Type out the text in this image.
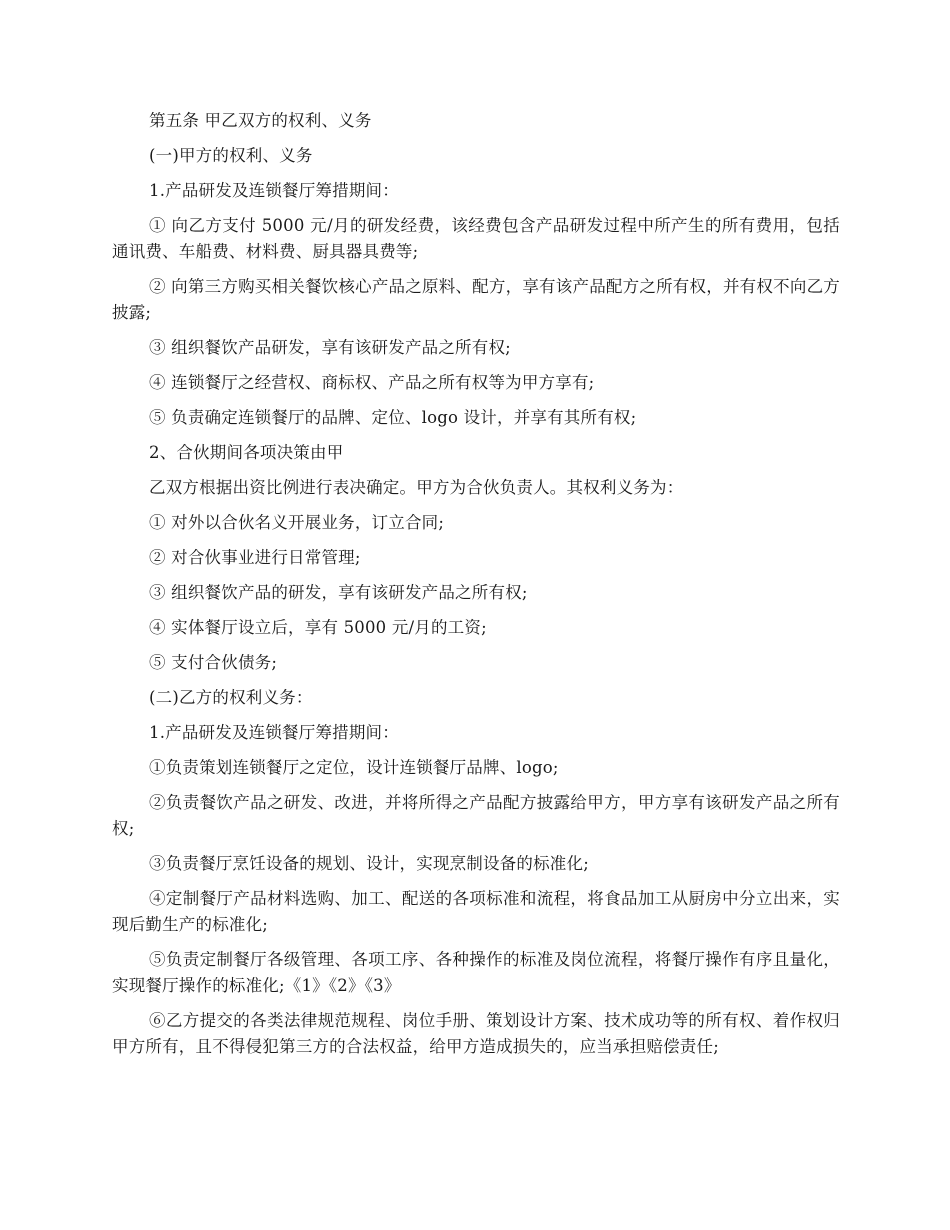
第五条 甲乙双方的权利、义务

(一)甲方的权利、义务

1.产品研发及连锁餐厅筹措期间：

① 向乙方支付 5000 元/月的研发经费，该经费包含产品研发过程中所产生的所有费用，包括通讯费、车船费、材料费、厨具器具费等;

② 向第三方购买相关餐饮核心产品之原料、配方，享有该产品配方之所有权，并有权不向乙方披露;

③ 组织餐饮产品研发，享有该研发产品之所有权;

④ 连锁餐厅之经营权、商标权、产品之所有权等为甲方享有;

⑤ 负责确定连锁餐厅的品牌、定位、logo 设计，并享有其所有权;

2、合伙期间各项决策由甲

乙双方根据出资比例进行表决确定。甲方为合伙负责人。其权利义务为：

① 对外以合伙名义开展业务，订立合同;

② 对合伙事业进行日常管理;

③ 组织餐饮产品的研发，享有该研发产品之所有权;

④ 实体餐厅设立后，享有 5000 元/月的工资;

⑤ 支付合伙债务;

(二)乙方的权利义务：

1.产品研发及连锁餐厅筹措期间：

①负责策划连锁餐厅之定位，设计连锁餐厅品牌、logo;

②负责餐饮产品之研发、改进，并将所得之产品配方披露给甲方，甲方享有该研发产品之所有权;

③负责餐厅烹饪设备的规划、设计，实现烹制设备的标准化;

④定制餐厅产品材料选购、加工、配送的各项标准和流程，将食品加工从厨房中分立出来，实现后勤生产的标准化;

⑤负责定制餐厅各级管理、各项工序、各种操作的标准及岗位流程，将餐厅操作有序且量化，实现餐厅操作的标准化;《1》《2》《3》

⑥乙方提交的各类法律规范规程、岗位手册、策划设计方案、技术成功等的所有权、着作权归甲方所有，且不得侵犯第三方的合法权益，给甲方造成损失的，应当承担赔偿责任;
